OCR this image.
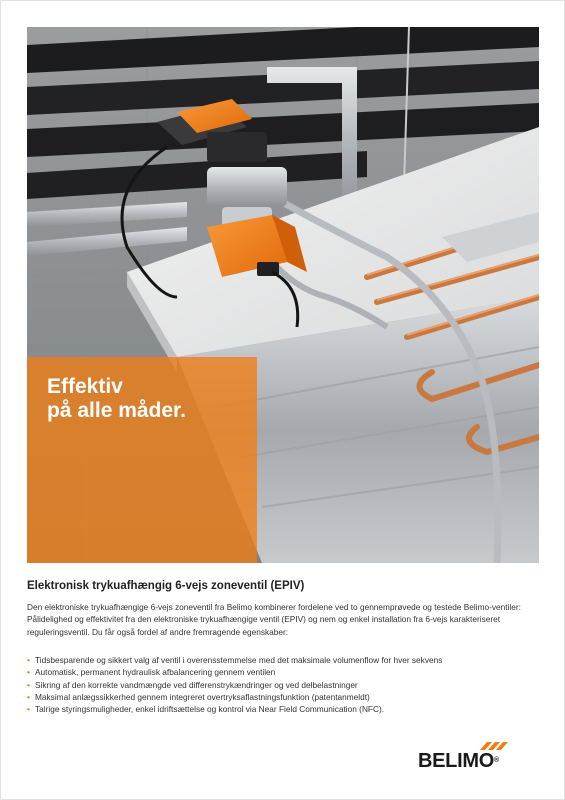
Effektiv
på alle måder.
Elektronisk trykuafhængig 6-vejs zoneventil (EPIV)

Den elektroniske trykuafhængige 6-vejs zoneventil fra Belimo kombinerer fordelene ved to gennemprøvede og testede Belimo-ventiler: Pålidelighed og effektivitet fra den elektroniske trykuafhængige ventil (EPIV) og nem og enkel installation fra 6-vejs karakteriseret reguleringsventil. Du får også fordel af andre fremragende egenskaber:

• Tidsbesparende og sikkert valg af ventil i overensstemmelse med det maksimale volumenflow for hver sekvens
• Automatisk, permanent hydraulisk afbalancering gennem ventilen
• Sikring af den korrekte vandmængde ved differenstrykændringer og ved delbelastninger
• Maksimal anlægssikkerhed gennem integreret overtryksaflastningsfunktion (patentanmeldt)
• Talrige styringsmuligheder, enkel idriftsættelse og kontrol via Near Field Communication (NFC).
BELIMO®
